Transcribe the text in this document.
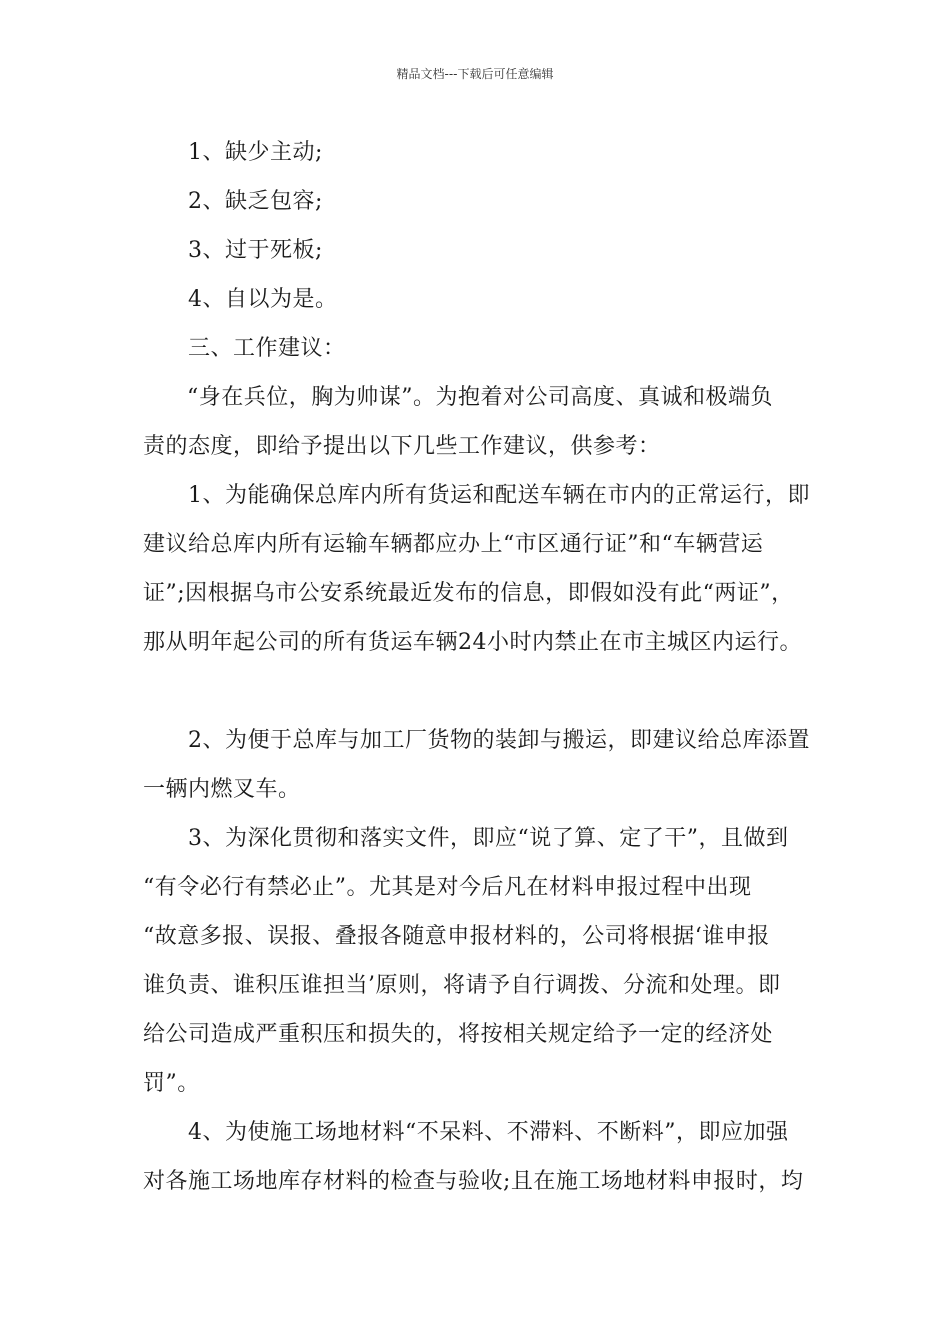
精品文档---下载后可任意编辑
1、缺少主动;
2、缺乏包容;
3、过于死板;
4、自以为是。
三、工作建议：
“身在兵位，胸为帅谋”。为抱着对公司高度、真诚和极端负
责的态度，即给予提出以下几些工作建议，供参考：
1、为能确保总库内所有货运和配送车辆在市内的正常运行，即
建议给总库内所有运输车辆都应办上“市区通行证”和“车辆营运
证”;因根据乌市公安系统最近发布的信息，即假如没有此“两证”，
那从明年起公司的所有货运车辆24小时内禁止在市主城区内运行。
2、为便于总库与加工厂货物的装卸与搬运，即建议给总库添置
一辆内燃叉车。
3、为深化贯彻和落实文件，即应“说了算、定了干”，且做到
“有令必行有禁必止”。尤其是对今后凡在材料申报过程中出现
“故意多报、误报、叠报各随意申报材料的，公司将根据‘谁申报
谁负责、谁积压谁担当’原则，将请予自行调拨、分流和处理。即
给公司造成严重积压和损失的，将按相关规定给予一定的经济处
罚”。
4、为使施工场地材料“不呆料、不滞料、不断料”，即应加强
对各施工场地库存材料的检查与验收;且在施工场地材料申报时，均
